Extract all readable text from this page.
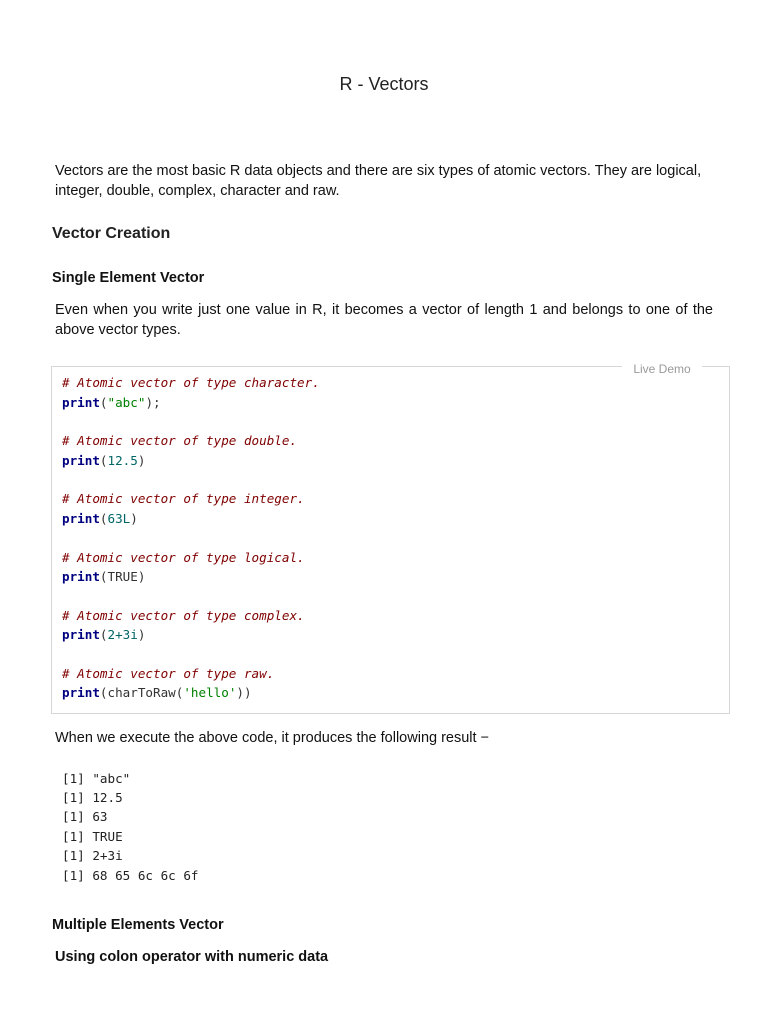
R - Vectors
Vectors are the most basic R data objects and there are six types of atomic vectors. They are logical, integer, double, complex, character and raw.
Vector Creation
Single Element Vector
Even when you write just one value in R, it becomes a vector of length 1 and belongs to one of the above vector types.
Live Demo
# Atomic vector of type character.
print("abc");
# Atomic vector of type double.
print(12.5)
# Atomic vector of type integer.
print(63L)
# Atomic vector of type logical.
print(TRUE)
# Atomic vector of type complex.
print(2+3i)
# Atomic vector of type raw.
print(charToRaw('hello'))
When we execute the above code, it produces the following result −
[1] "abc"
[1] 12.5
[1] 63
[1] TRUE
[1] 2+3i
[1] 68 65 6c 6c 6f
Multiple Elements Vector
Using colon operator with numeric data
